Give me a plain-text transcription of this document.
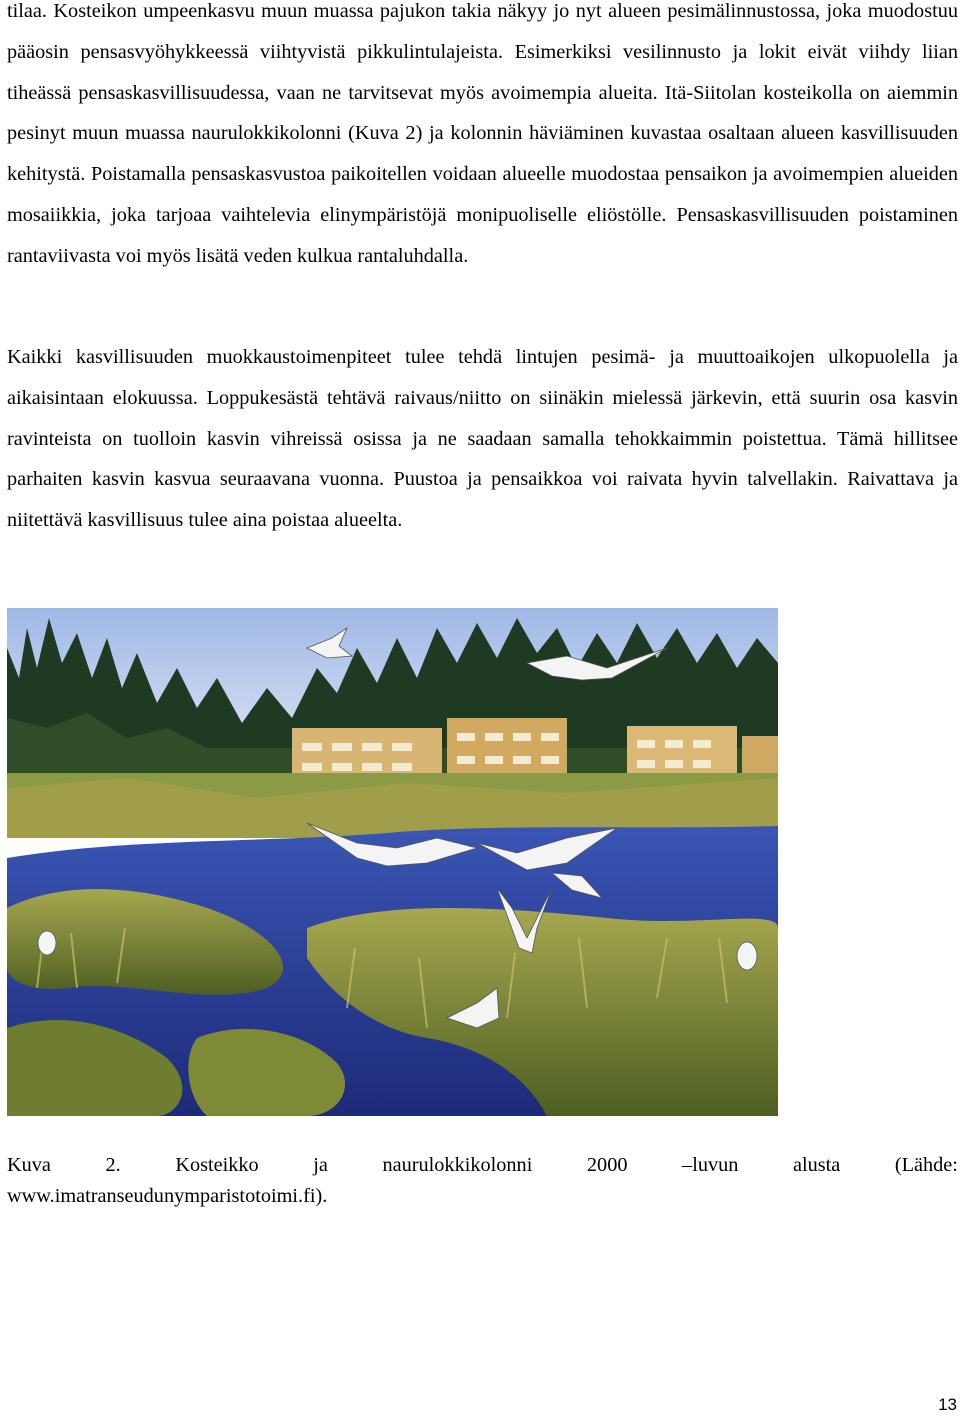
tilaa. Kosteikon umpeenkasvu muun muassa pajukon takia näkyy jo nyt alueen pesimälinnustossa, joka muodostuu pääosin pensasvyöhykkeessä viihtyvistä pikkulintulajeista. Esimerkiksi vesilinnusto ja lokit eivät viihdy liian tiheässä pensaskasvillisuudessa, vaan ne tarvitsevat myös avoimempia alueita. Itä-Siitolan kosteikolla on aiemmin pesinyt muun muassa naurulokkikolonni (Kuva 2) ja kolonnin häviäminen kuvastaa osaltaan alueen kasvillisuuden kehitystä. Poistamalla pensaskasvustoa paikoitellen voidaan alueelle muodostaa pensaikon ja avoimempien alueiden mosaiikkia, joka tarjoaa vaihtelevia elinympäristöjä monipuoliselle eliöstölle. Pensaskasvillisuuden poistaminen rantaviivasta voi myös lisätä veden kulkua rantaluhdalla.

Kaikki kasvillisuuden muokkaustoimenpiteet tulee tehdä lintujen pesimä- ja muuttoaikojen ulkopuolella ja aikaisintaan elokuussa. Loppukesästä tehtävä raivaus/niitto on siinäkin mielessä järkevin, että suurin osa kasvin ravinteista on tuolloin kasvin vihreissä osissa ja ne saadaan samalla tehokkaimmin poistettua. Tämä hillitsee parhaiten kasvin kasvua seuraavana vuonna. Puustoa ja pensaikkoa voi raivata hyvin talvellakin. Raivattava ja niitettävä kasvillisuus tulee aina poistaa alueelta.

Kuva	2.	Kosteikko	ja	naurulokkikolonni	2000	–luvun	alusta	(Lähde:
www.imatranseudunymparistotoimi.fi).
13
